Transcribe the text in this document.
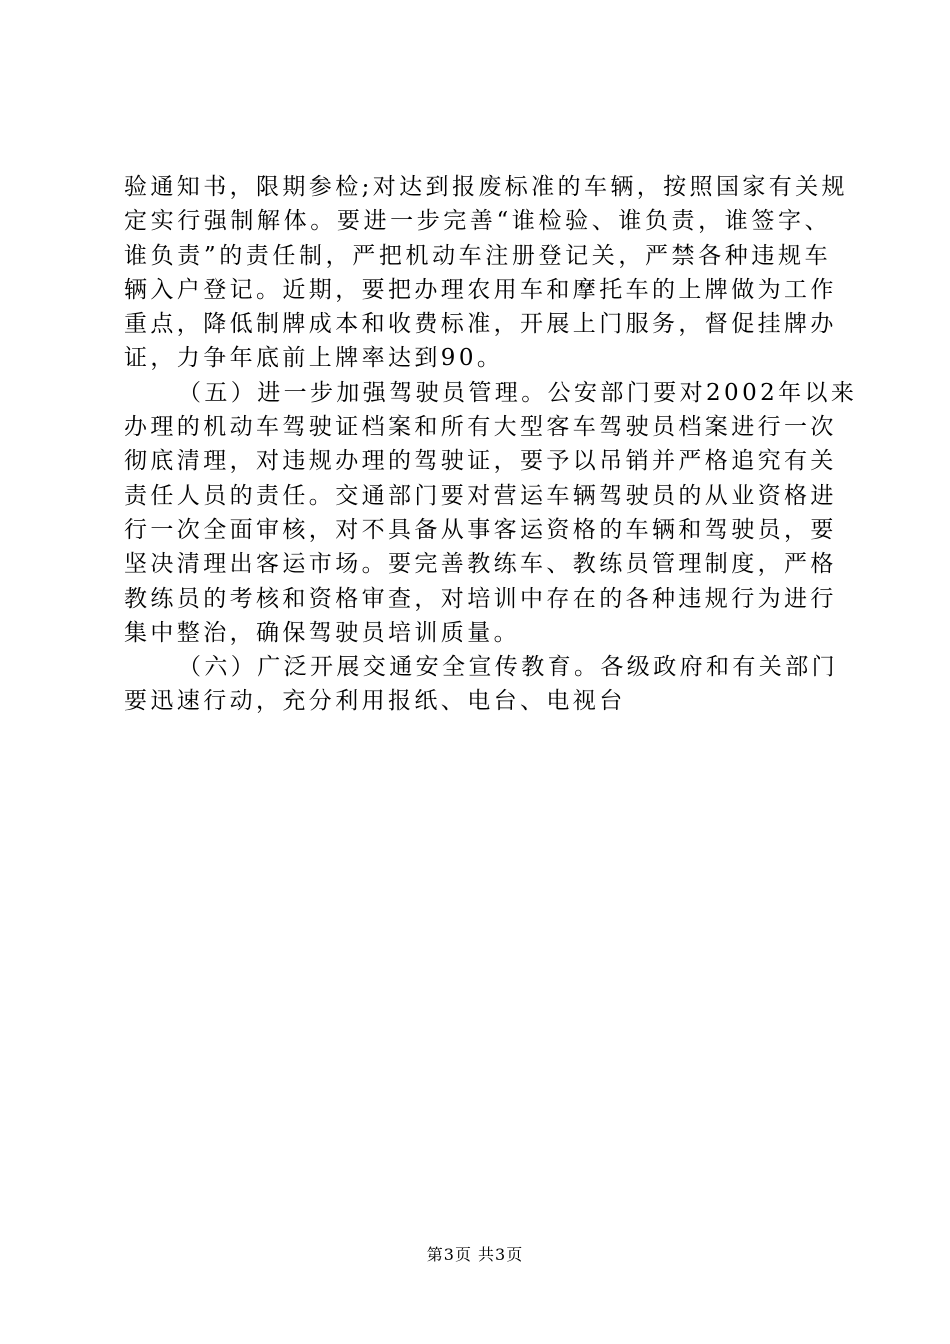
验通知书，限期参检;对达到报废标准的车辆，按照国家有关规
定实行强制解体。要进一步完善“谁检验、谁负责，谁签字、
谁负责”的责任制，严把机动车注册登记关，严禁各种违规车
辆入户登记。近期，要把办理农用车和摩托车的上牌做为工作
重点，降低制牌成本和收费标准，开展上门服务，督促挂牌办
证，力争年底前上牌率达到90。
（五）进一步加强驾驶员管理。公安部门要对2002年以来
办理的机动车驾驶证档案和所有大型客车驾驶员档案进行一次
彻底清理，对违规办理的驾驶证，要予以吊销并严格追究有关
责任人员的责任。交通部门要对营运车辆驾驶员的从业资格进
行一次全面审核，对不具备从事客运资格的车辆和驾驶员，要
坚决清理出客运市场。要完善教练车、教练员管理制度，严格
教练员的考核和资格审查，对培训中存在的各种违规行为进行
集中整治，确保驾驶员培训质量。
（六）广泛开展交通安全宣传教育。各级政府和有关部门
要迅速行动，充分利用报纸、电台、电视台
第3页 共3页
